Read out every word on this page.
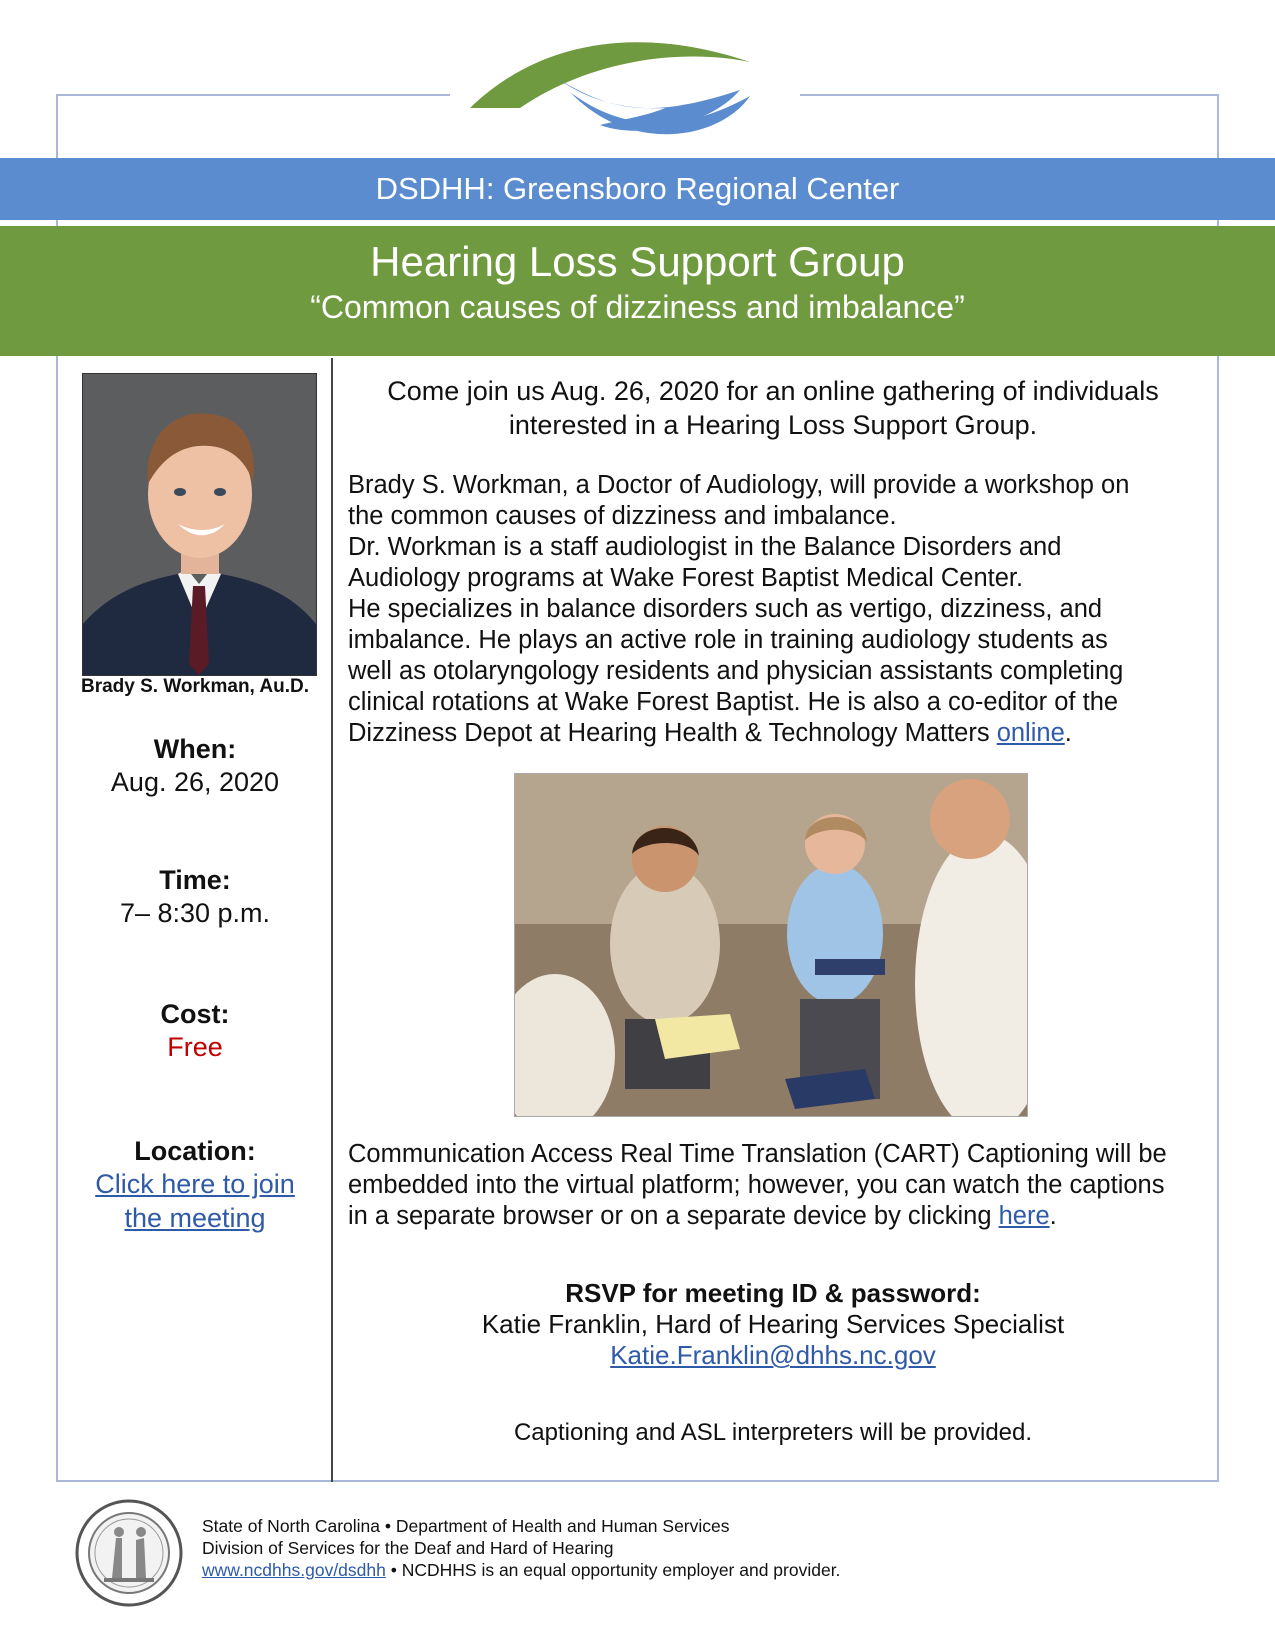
DSDHH: Greensboro Regional Center
Hearing Loss Support Group
“Common causes of dizziness and imbalance”
Brady S. Workman, Au.D.
When:
Aug. 26, 2020
Time:
7– 8:30 p.m.
Cost:
Free
Location:
Click here to join
the meeting
Come join us Aug. 26, 2020 for an online gathering of individuals
interested in a Hearing Loss Support Group.
Brady S. Workman, a Doctor of Audiology, will provide a workshop on
the common causes of dizziness and imbalance.
Dr. Workman is a staff audiologist in the Balance Disorders and
Audiology programs at Wake Forest Baptist Medical Center.
He specializes in balance disorders such as vertigo, dizziness, and
imbalance. He plays an active role in training audiology students as
well as otolaryngology residents and physician assistants completing
clinical rotations at Wake Forest Baptist. He is also a co-editor of the
Dizziness Depot at Hearing Health & Technology Matters online.
Communication Access Real Time Translation (CART) Captioning will be
embedded into the virtual platform; however, you can watch the captions
in a separate browser or on a separate device by clicking here.
RSVP for meeting ID & password:
Katie Franklin, Hard of Hearing Services Specialist
Katie.Franklin@dhhs.nc.gov
Captioning and ASL interpreters will be provided.
State of North Carolina • Department of Health and Human Services
Division of Services for the Deaf and Hard of Hearing
www.ncdhhs.gov/dsdhh • NCDHHS is an equal opportunity employer and provider.
